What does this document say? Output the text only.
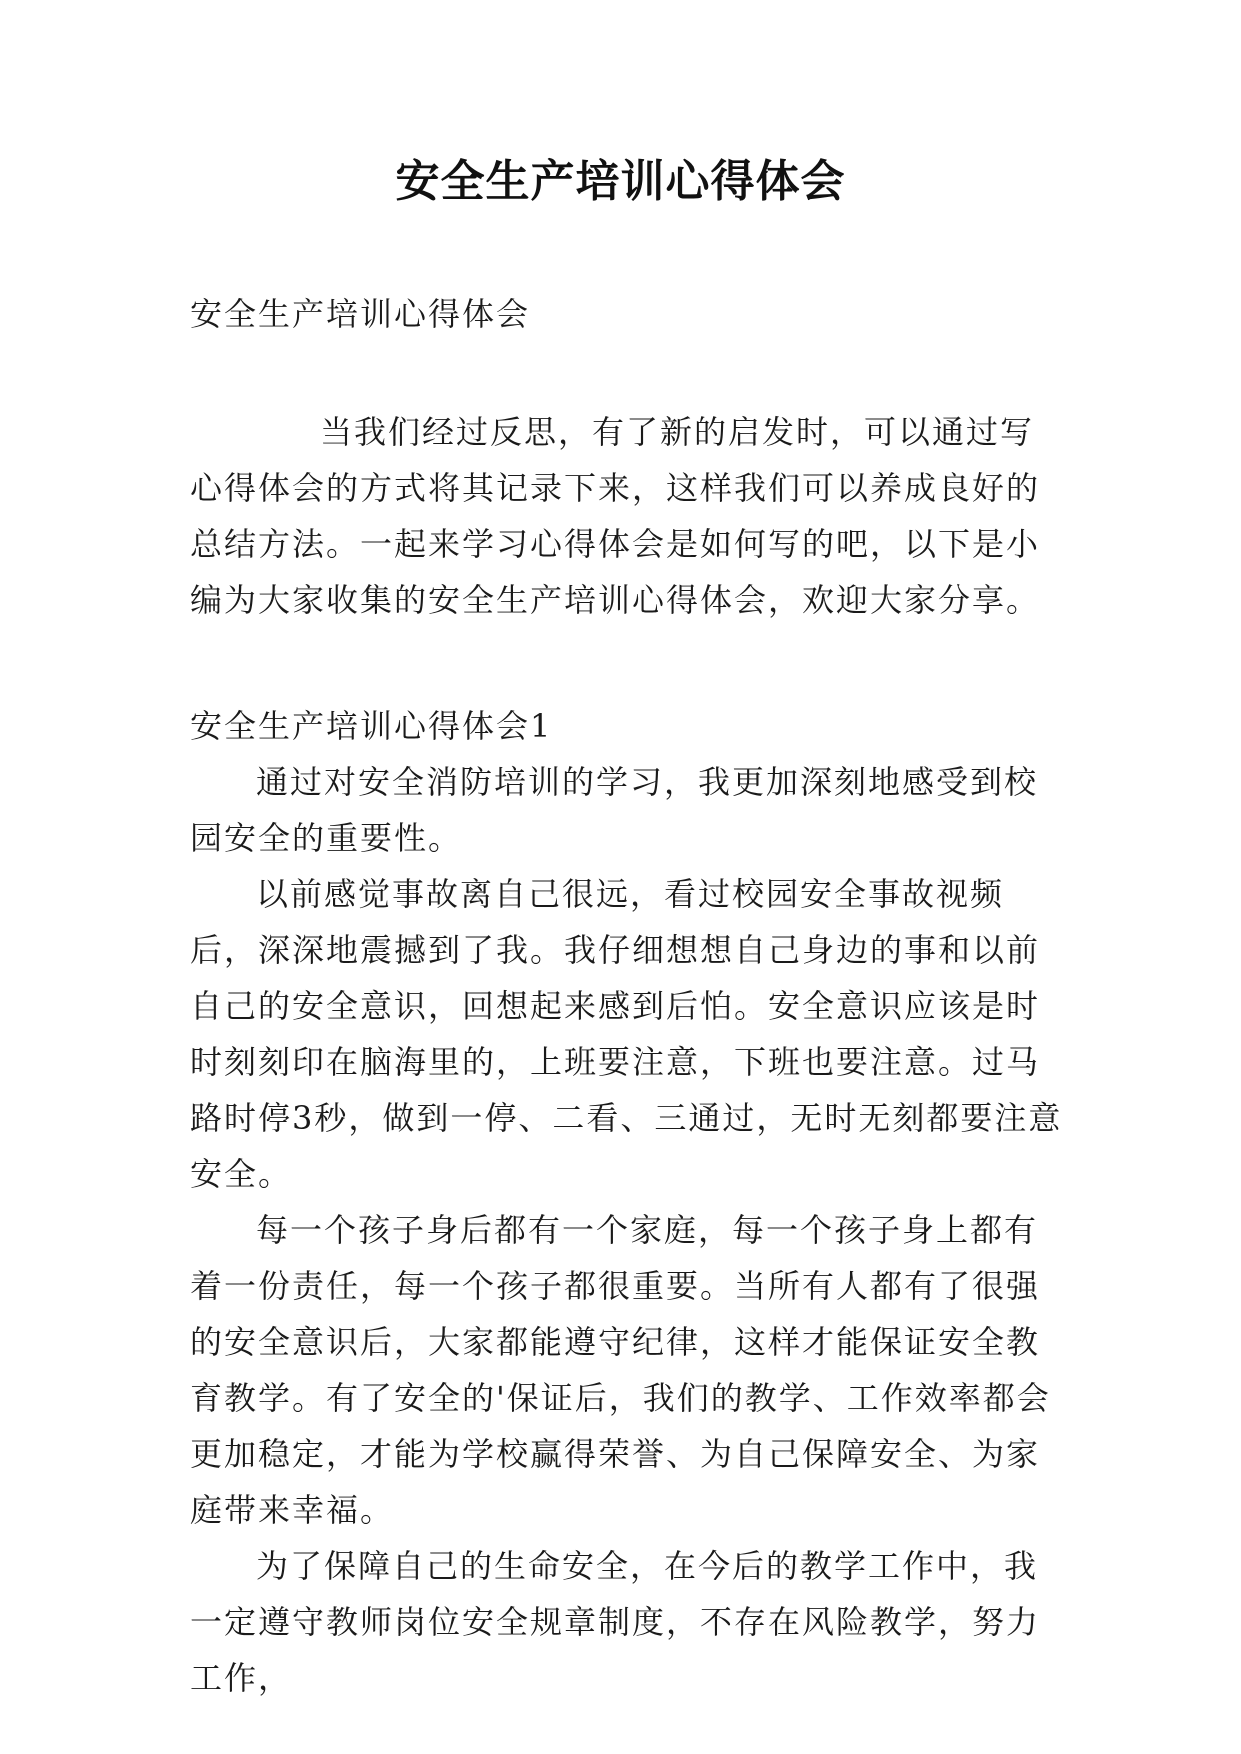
安全生产培训心得体会

安全生产培训心得体会

当我们经过反思，有了新的启发时，可以通过写心得体会的方式将其记录下来，这样我们可以养成良好的总结方法。一起来学习心得体会是如何写的吧，以下是小编为大家收集的安全生产培训心得体会，欢迎大家分享。

安全生产培训心得体会1

通过对安全消防培训的学习，我更加深刻地感受到校园安全的重要性。

以前感觉事故离自己很远，看过校园安全事故视频后，深深地震撼到了我。我仔细想想自己身边的事和以前自己的安全意识，回想起来感到后怕。安全意识应该是时时刻刻印在脑海里的，上班要注意，下班也要注意。过马路时停3秒，做到一停、二看、三通过，无时无刻都要注意安全。

每一个孩子身后都有一个家庭，每一个孩子身上都有着一份责任，每一个孩子都很重要。当所有人都有了很强的安全意识后，大家都能遵守纪律，这样才能保证安全教育教学。有了安全的'保证后，我们的教学、工作效率都会更加稳定，才能为学校赢得荣誉、为自己保障安全、为家庭带来幸福。

为了保障自己的生命安全，在今后的教学工作中，我一定遵守教师岗位安全规章制度，不存在风险教学，努力工作，
